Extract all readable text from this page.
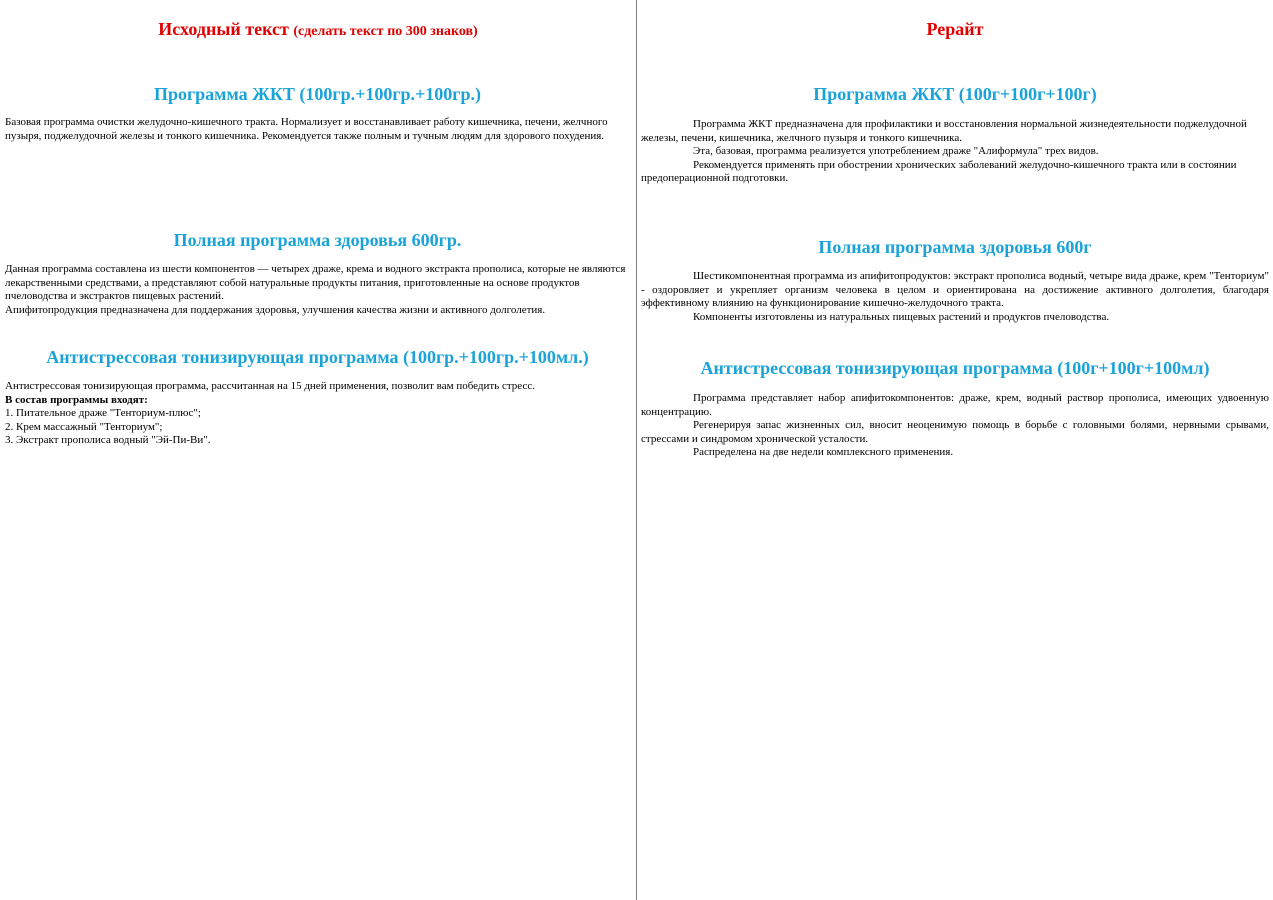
Исходный текст (сделать текст по 300 знаков)
Программа ЖКТ (100гр.+100гр.+100гр.)

Базовая программа очистки желудочно-кишечного тракта. Нормализует и восстанавливает работу кишечника, печени, желчного пузыря, поджелудочной железы и тонкого кишечника. Рекомендуется также полным и тучным людям для здорового похудения.

Полная программа здоровья 600гр.

Данная программа составлена из шести компонентов — четырех драже, крема и водного экстракта прополиса, которые не являются лекарственными средствами, а представляют собой натуральные продукты питания, приготовленные на основе продуктов пчеловодства и экстрактов пищевых растений.

Апифитопродукция предназначена для поддержания здоровья, улучшения качества жизни и активного долголетия.

Антистрессовая тонизирующая программа (100гр.+100гр.+100мл.)

Антистрессовая тонизирующая программа, рассчитанная на 15 дней применения, позволит вам победить стресс.

В состав программы входят:

1. Питательное драже "Тенториум-плюс";

2. Крем массажный "Тенториум";

3. Экстракт прополиса водный "Эй-Пи-Ви".

Рерайт
Программа ЖКТ (100г+100г+100г)

Программа ЖКТ предназначена для профилактики и восстановления нормальной жизнедеятельности поджелудочной железы, печени, кишечника, желчного пузыря и тонкого кишечника.

Эта, базовая, программа реализуется употреблением драже "Алиформула" трех видов.

Рекомендуется применять при обострении хронических заболеваний желудочно-кишечного тракта или в состоянии предоперационной подготовки.

Полная программа здоровья 600г

Шестикомпонентная программа из апифитопродуктов: экстракт прополиса водный, четыре вида драже, крем "Тенториум" - оздоровляет и укрепляет организм человека в целом и ориентирована на достижение активного долголетия, благодаря эффективному влиянию на функционирование кишечно-желудочного тракта.

Компоненты изготовлены из натуральных пищевых растений и продуктов пчеловодства.

Антистрессовая тонизирующая программа (100г+100г+100мл)

Программа представляет набор апифитокомпонентов: драже, крем, водный раствор прополиса, имеющих удвоенную концентрацию.

Регенерируя запас жизненных сил, вносит неоценимую помощь в борьбе с головными болями, нервными срывами, стрессами и синдромом хронической усталости.

Распределена на две недели комплексного применения.
